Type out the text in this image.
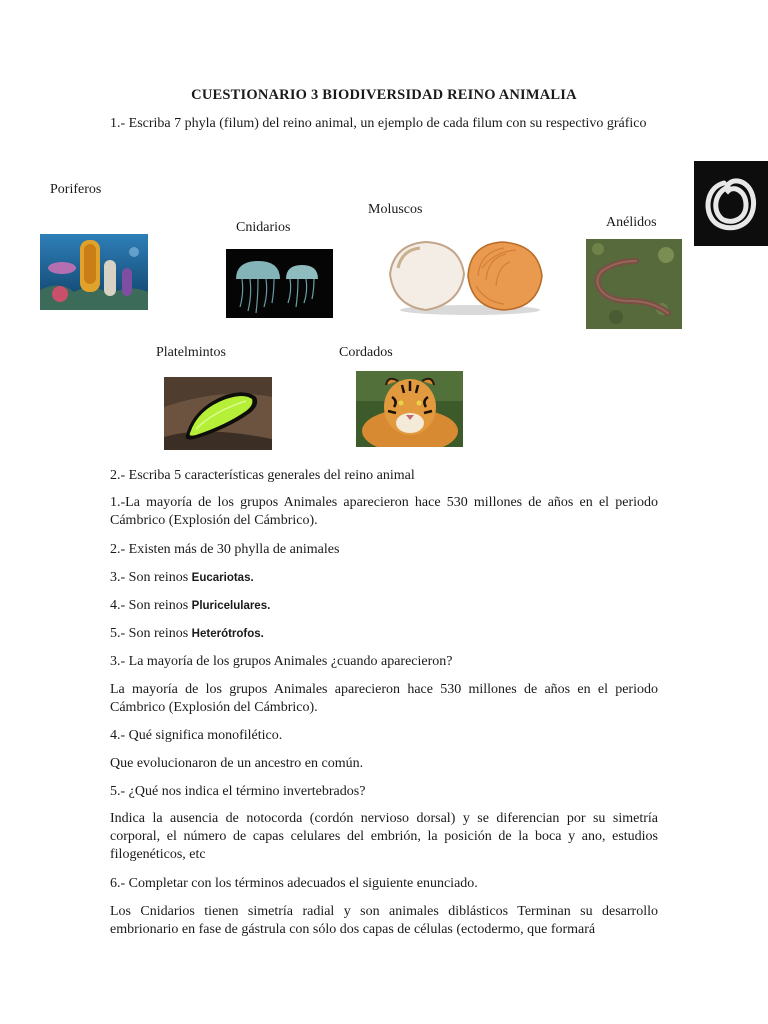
CUESTIONARIO 3 BIODIVERSIDAD REINO ANIMALIA
1.- Escriba 7 phyla (filum) del reino animal, un ejemplo de cada filum con su respectivo gráfico
Poriferos
Cnidarios
Moluscos
Anélidos
Platelmintos	Cordados
2.- Escriba 5 características generales del reino animal
1.-La mayoría de los grupos Animales aparecieron hace 530 millones de años en el periodo Cámbrico (Explosión del Cámbrico).
2.- Existen más de 30 phylla de animales
3.- Son reinos Eucariotas.
4.- Son reinos Pluricelulares.
5.- Son reinos Heterótrofos.
3.- La mayoría de los grupos Animales ¿cuando aparecieron?
La mayoría de los grupos Animales aparecieron hace 530 millones de años en el periodo Cámbrico (Explosión del Cámbrico).
4.- Qué significa monofilético.
Que evolucionaron de un ancestro en común.
5.- ¿Qué nos indica el término invertebrados?
Indica la ausencia de notocorda (cordón nervioso dorsal) y se diferencian por su simetría corporal, el número de capas celulares del embrión, la posición de la boca y ano, estudios filogenéticos, etc
6.- Completar con los términos adecuados el siguiente enunciado.
Los Cnidarios tienen simetría radial y son animales diblásticos Terminan su desarrollo embrionario en fase de gástrula con sólo dos capas de células (ectodermo, que formará
